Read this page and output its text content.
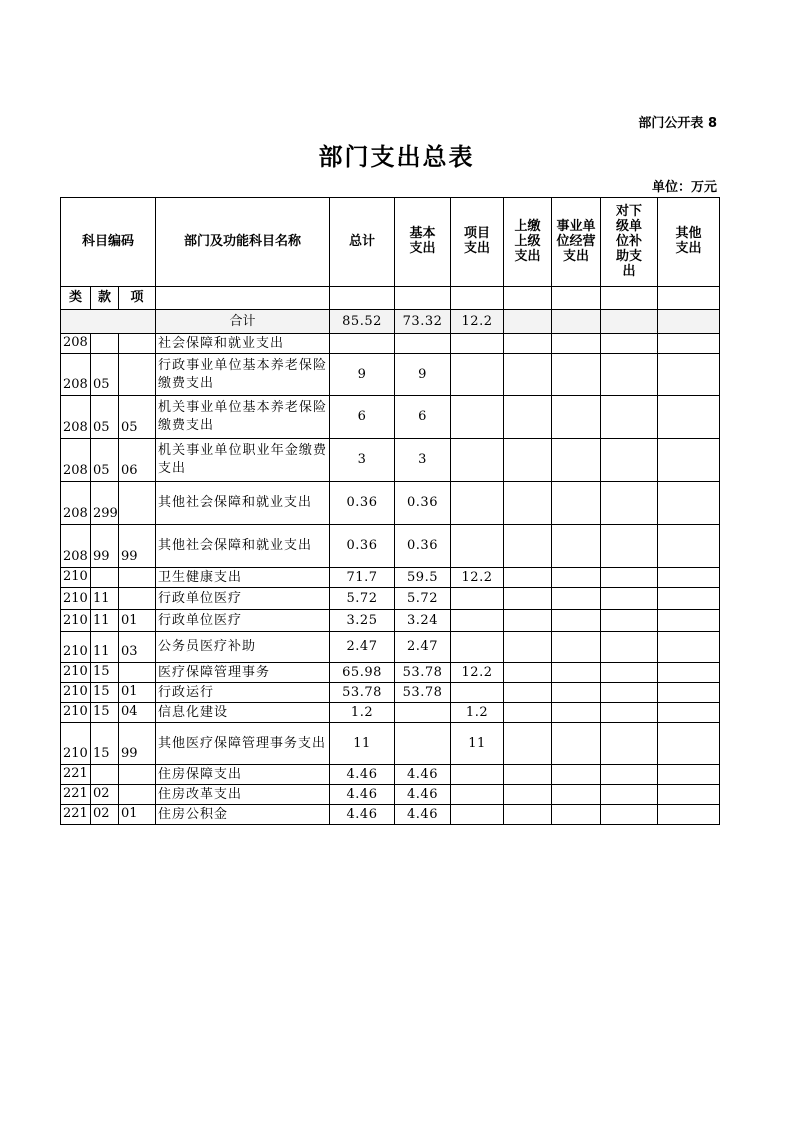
部门公开表 8
部门支出总表
单位：万元
科目编码			部门及功能科目名称	总计	基本支出	项目支出	上缴上级支出	事业单位经营支出	对下级单位补助支出	其他支出
类	款	项								
			合计	85.52	73.32	12.2				
208			社会保障和就业支出							
208	05		行政事业单位基本养老保险缴费支出	9	9					
208	05	05	机关事业单位基本养老保险缴费支出	6	6					
208	05	06	机关事业单位职业年金缴费支出	3	3					
208	299		其他社会保障和就业支出	0.36	0.36					
208	99	99	其他社会保障和就业支出	0.36	0.36					
210			卫生健康支出	71.7	59.5	12.2				
210	11		行政单位医疗	5.72	5.72					
210	11	01	行政单位医疗	3.25	3.24					
210	11	03	公务员医疗补助	2.47	2.47					
210	15		医疗保障管理事务	65.98	53.78	12.2				
210	15	01	行政运行	53.78	53.78					
210	15	04	信息化建设	1.2		1.2				
210	15	99	其他医疗保障管理事务支出	11		11				
221			住房保障支出	4.46	4.46					
221	02		住房改革支出	4.46	4.46					
221	02	01	住房公积金	4.46	4.46					
